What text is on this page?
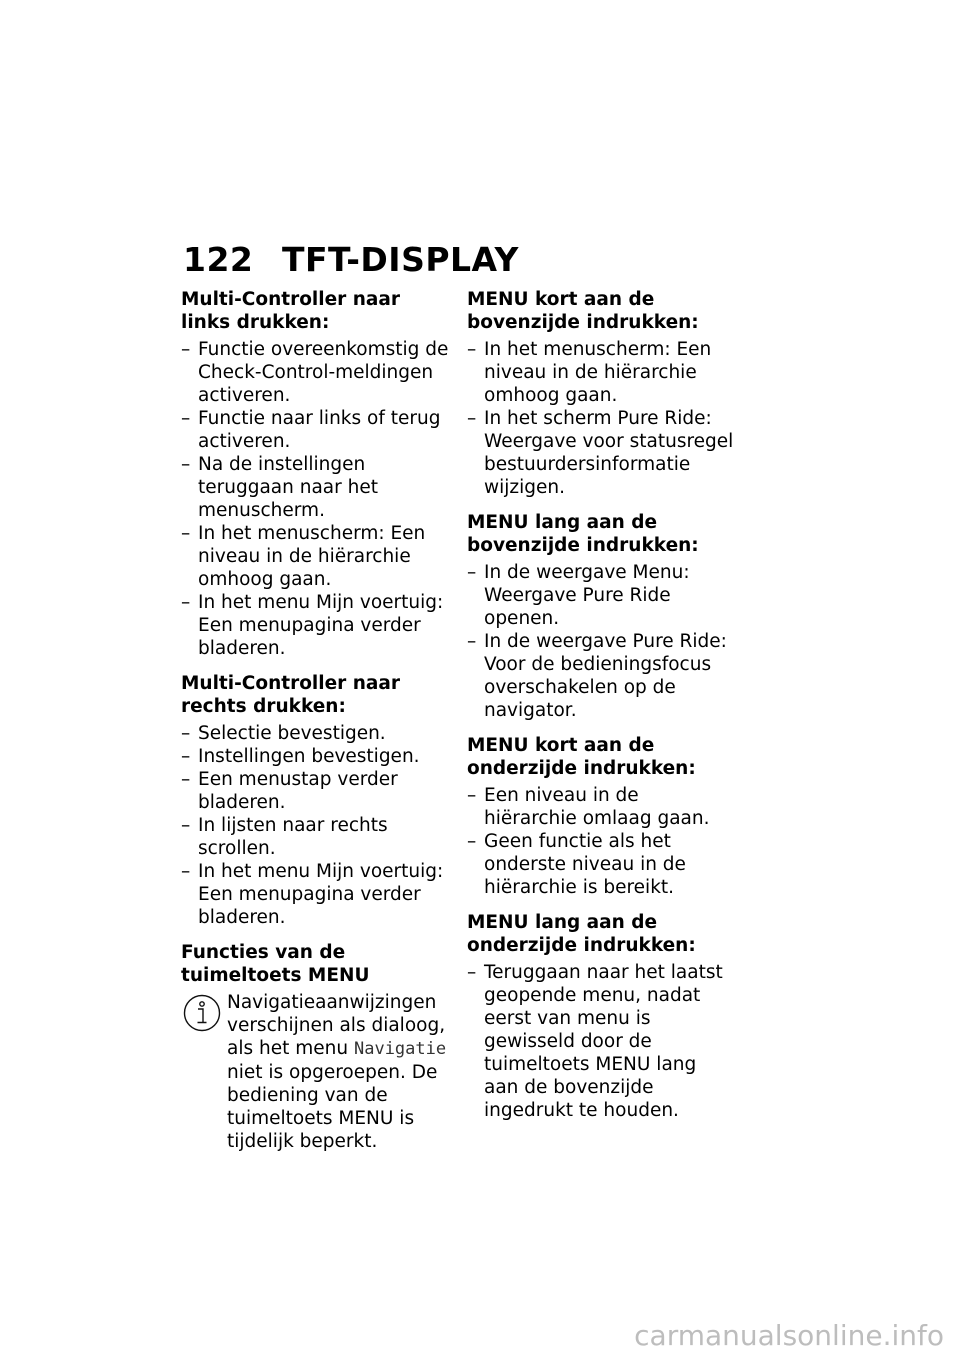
122 TFT-DISPLAY
Multi-Controller naar links drukken:
– Functie overeenkomstig de Check-Control-meldingen activeren.
– Functie naar links of terug activeren.
– Na de instellingen teruggaan naar het menuscherm.
– In het menuscherm: Een niveau in de hiërarchie omhoog gaan.
– In het menu Mijn voertuig: Een menupagina verder bladeren.
Multi-Controller naar rechts drukken:
– Selectie bevestigen.
– Instellingen bevestigen.
– Een menustap verder bladeren.
– In lijsten naar rechts scrollen.
– In het menu Mijn voertuig: Een menupagina verder bladeren.
Functies van de tuimeltoets MENU
Navigatieaanwijzingen verschijnen als dialoog, als het menu Navigatie niet is opgeroepen. De bediening van de tuimeltoets MENU is tijdelijk beperkt.
MENU kort aan de bovenzijde indrukken:
– In het menuscherm: Een niveau in de hiërarchie omhoog gaan.
– In het scherm Pure Ride: Weergave voor statusregel bestuurdersinformatie wijzigen.
MENU lang aan de bovenzijde indrukken:
– In de weergave Menu: Weergave Pure Ride openen.
– In de weergave Pure Ride: Voor de bedieningsfocus overschakelen op de navigator.
MENU kort aan de onderzijde indrukken:
– Een niveau in de hiërarchie omlaag gaan.
– Geen functie als het onderste niveau in de hiërarchie is bereikt.
MENU lang aan de onderzijde indrukken:
– Teruggaan naar het laatst geopende menu, nadat eerst van menu is gewisseld door de tuimeltoets MENU lang aan de bovenzijde ingedrukt te houden.
carmanualsonline.info
